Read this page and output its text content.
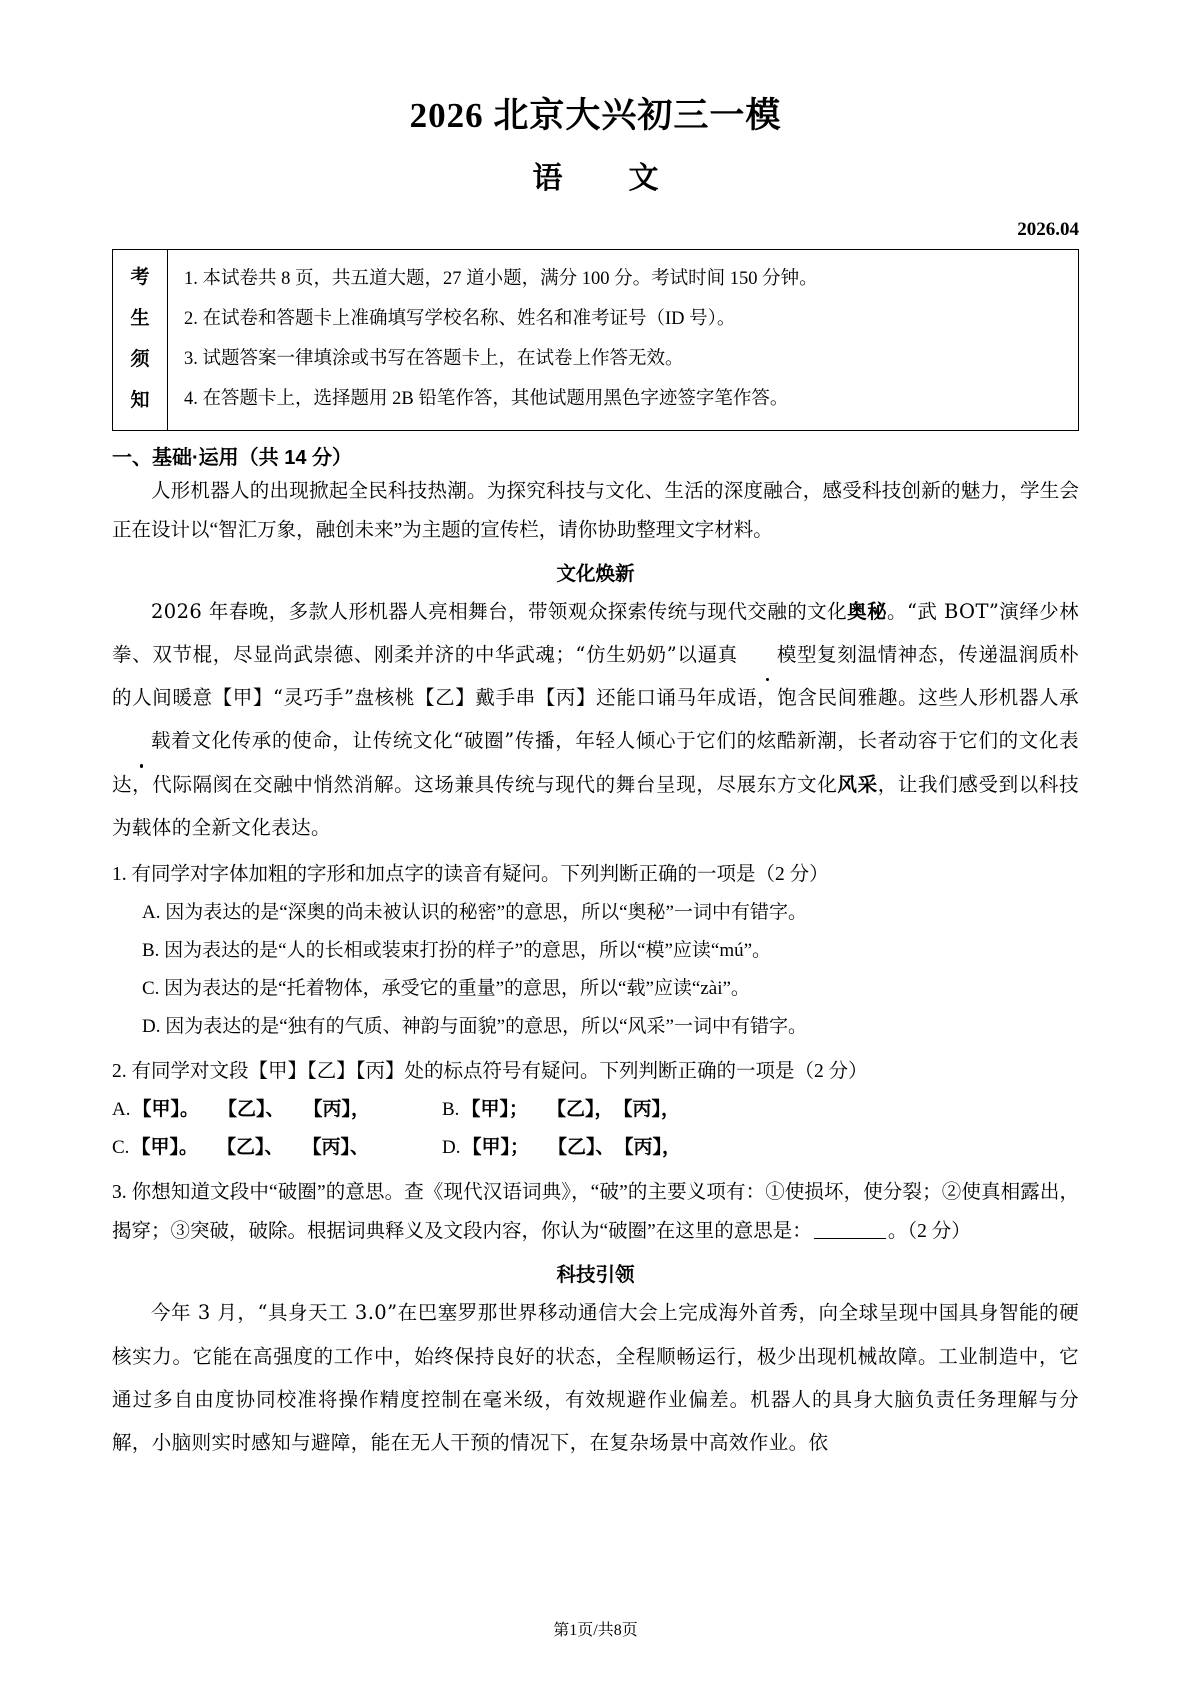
2026 北京大兴初三一模
语　文
2026.04
考
生
须
知

1. 本试卷共 8 页，共五道大题，27 道小题，满分 100 分。考试时间 150 分钟。
2. 在试卷和答题卡上准确填写学校名称、姓名和准考证号（ID 号）。
3. 试题答案一律填涂或书写在答题卡上，在试卷上作答无效。
4. 在答题卡上，选择题用 2B 铅笔作答，其他试题用黑色字迹签字笔作答。
一、基础·运用（共 14 分）

人形机器人的出现掀起全民科技热潮。为探究科技与文化、生活的深度融合，感受科技创新的魅力，学生会正在设计以“智汇万象，融创未来”为主题的宣传栏，请你协助整理文字材料。

文化焕新

2026 年春晚，多款人形机器人亮相舞台，带领观众探索传统与现代交融的文化奥秘。“武 BOT”演绎少林拳、双节棍，尽显尚武崇德、刚柔并济的中华武魂；“仿生奶奶”以逼真 模型复刻温情神态，传递温润质朴的人间暖意【甲】“灵巧手”盘核桃【乙】戴手串【丙】还能口诵马年成语，饱含民间雅趣。这些人形机器人承载着文化传承的使命，让传统文化“破圈”传播，年轻人倾心于它们的炫酷新潮，长者动容于它们的文化表达，代际隔阂在交融中悄然消解。这场兼具传统与现代的舞台呈现，尽展东方文化风采，让我们感受到以科技为载体的全新文化表达。

1. 有同学对字体加粗的字形和加点字的读音有疑问。下列判断正确的一项是（2 分）

A. 因为表达的是“深奥的尚未被认识的秘密”的意思，所以“奥秘”一词中有错字。

B. 因为表达的是“人的长相或装束打扮的样子”的意思，所以“模”应读“mú”。

C. 因为表达的是“托着物体，承受它的重量”的意思，所以“载”应读“zài”。

D. 因为表达的是“独有的气质、神韵与面貌”的意思，所以“风采”一词中有错字。

2. 有同学对文段【甲】【乙】【丙】处的标点符号有疑问。下列判断正确的一项是（2 分）

A. 【甲】。　　【乙】、　　【丙】，	B. 【甲】；　　【乙】，　【丙】，
C. 【甲】。　　【乙】、　　【丙】、	D. 【甲】；　　【乙】、　【丙】，

3. 你想知道文段中“破圈”的意思。查《现代汉语词典》，“破”的主要义项有：①使损坏，使分裂；②使真相露出，揭穿；③突破，破除。根据词典释义及文段内容，你认为“破圈”在这里的意思是：	。（2 分）

科技引领

今年 3 月，“具身天工 3.0”在巴塞罗那世界移动通信大会上完成海外首秀，向全球呈现中国具身智能的硬核实力。它能在高强度的工作中，始终保持良好的状态，全程顺畅运行，极少出现机械故障。工业制造中，它通过多自由度协同校准将操作精度控制在毫米级，有效规避作业偏差。机器人的具身大脑负责任务理解与分解，小脑则实时感知与避障，能在无人干预的情况下，在复杂场景中高效作业。依

第1页/共8页
